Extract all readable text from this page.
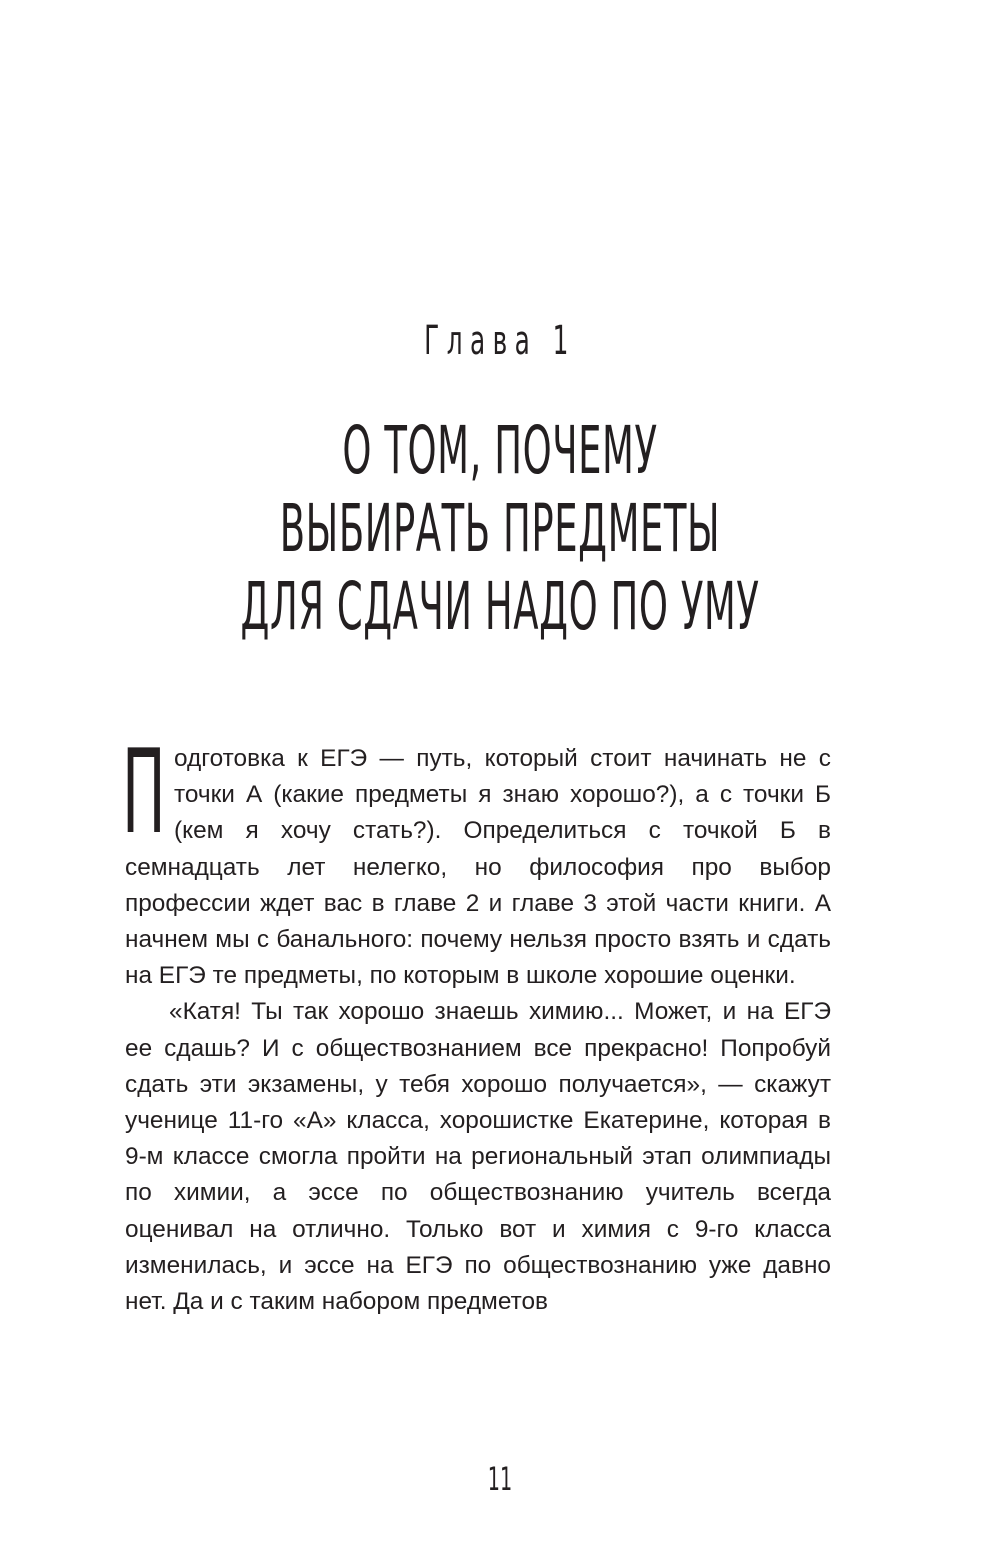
Глава 1
О ТОМ, ПОЧЕМУ
ВЫБИРАТЬ ПРЕДМЕТЫ
ДЛЯ СДАЧИ НАДО ПО УМУ

Подготовка к ЕГЭ — путь, который стоит начинать не с точки А (какие предметы я знаю хорошо?), а с точки Б (кем я хочу стать?). Определиться с точкой Б в семнадцать лет нелегко, но философия про выбор профессии ждет вас в главе 2 и главе 3 этой части книги. А начнем мы с банального: почему нельзя просто взять и сдать на ЕГЭ те предметы, по которым в школе хорошие оценки.

«Катя! Ты так хорошо знаешь химию... Может, и на ЕГЭ ее сдашь? И с обществознанием все прекрасно! Попробуй сдать эти экзамены, у тебя хорошо получается», — скажут ученице 11-го «А» класса, хорошистке Екатерине, которая в 9-м классе смогла пройти на региональный этап олимпиады по химии, а эссе по обществознанию учитель всегда оценивал на отлично. Только вот и химия с 9-го класса изменилась, и эссе на ЕГЭ по обществознанию уже давно нет. Да и с таким набором предметов

11
